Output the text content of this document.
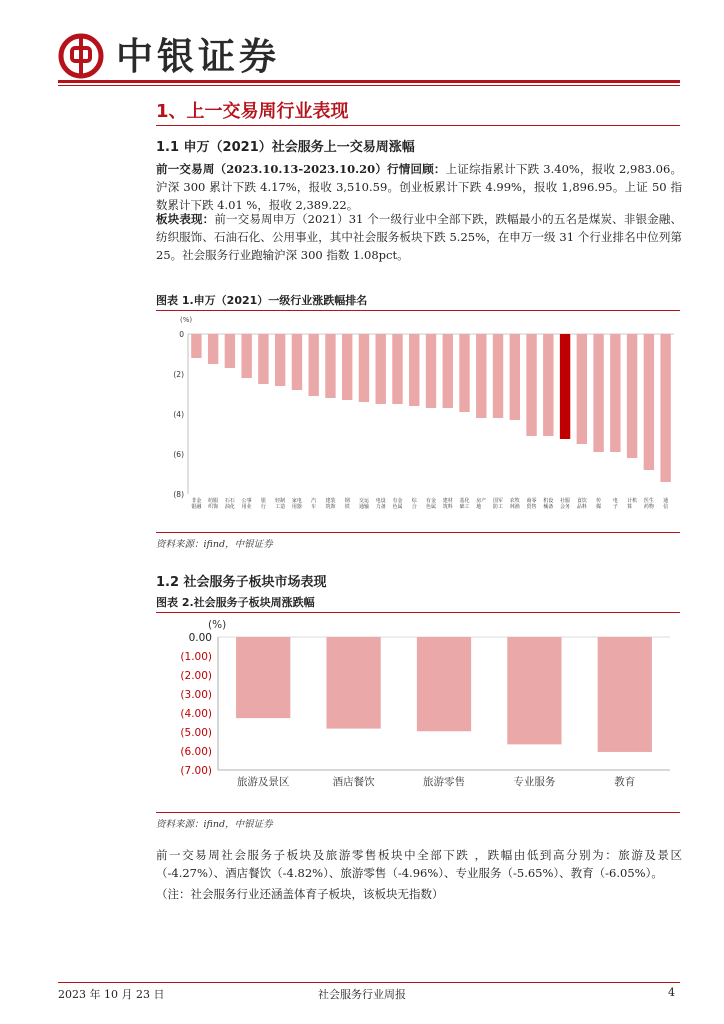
中银证券
1、上一交易周行业表现
1.1 申万（2021）社会服务上一交易周涨幅
前一交易周（2023.10.13-2023.10.20）行情回顾：上证综指累计下跌 3.40%，报收 2,983.06。沪深 300 累计下跌 4.17%，报收 3,510.59。创业板累计下跌 4.99%，报收 1,896.95。上证 50 指数累计下跌 4.01 %，报收 2,389.22。
板块表现：前一交易周申万（2021）31 个一级行业中全部下跌，跌幅最小的五名是煤炭、非银金融、纺织服饰、石油石化、公用事业，其中社会服务板块下跌 5.25%，在申万一级 31 个行业排名中位列第 25。社会服务行业跑输沪深 300 指数 1.08pct。
图表 1.申万（2021）一级行业涨跌幅排名
(%)
0
(2)
(4)
(6)
(8)
非银
金融
纺织
服饰
石油
石化
公用
事业
银行
轻工
制造
家用
电器
汽车
建筑
装饰
钢铁
交通
运输
电力
设备
有色
金属
综合
有色
金属
建筑
材料
基础
化工
房地
产 国防
军工
农林
牧渔
商贸
零售
机械
设备
社会
服务
食品
饮料
传媒
电子
计算
机 医药
生物
通信
资料来源：ifind，中银证券
1.2 社会服务子板块市场表现
图表 2.社会服务子板块周涨跌幅
(%)
0.00
(1.00)
(2.00)
(3.00)
(4.00)
(5.00)
(6.00)
(7.00)
旅游及景区	酒店餐饮	旅游零售	专业服务	教育
资料来源：ifind，中银证券
前一交易周社会服务子板块及旅游零售板块中全部下跌 ，跌幅由低到高分别为：旅游及景区（-4.27%）、酒店餐饮（-4.82%）、旅游零售（-4.96%）、专业服务（-5.65%）、教育（-6.05%）。
（注：社会服务行业还涵盖体育子板块，该板块无指数）
2023 年 10 月 23 日	社会服务行业周报	4
